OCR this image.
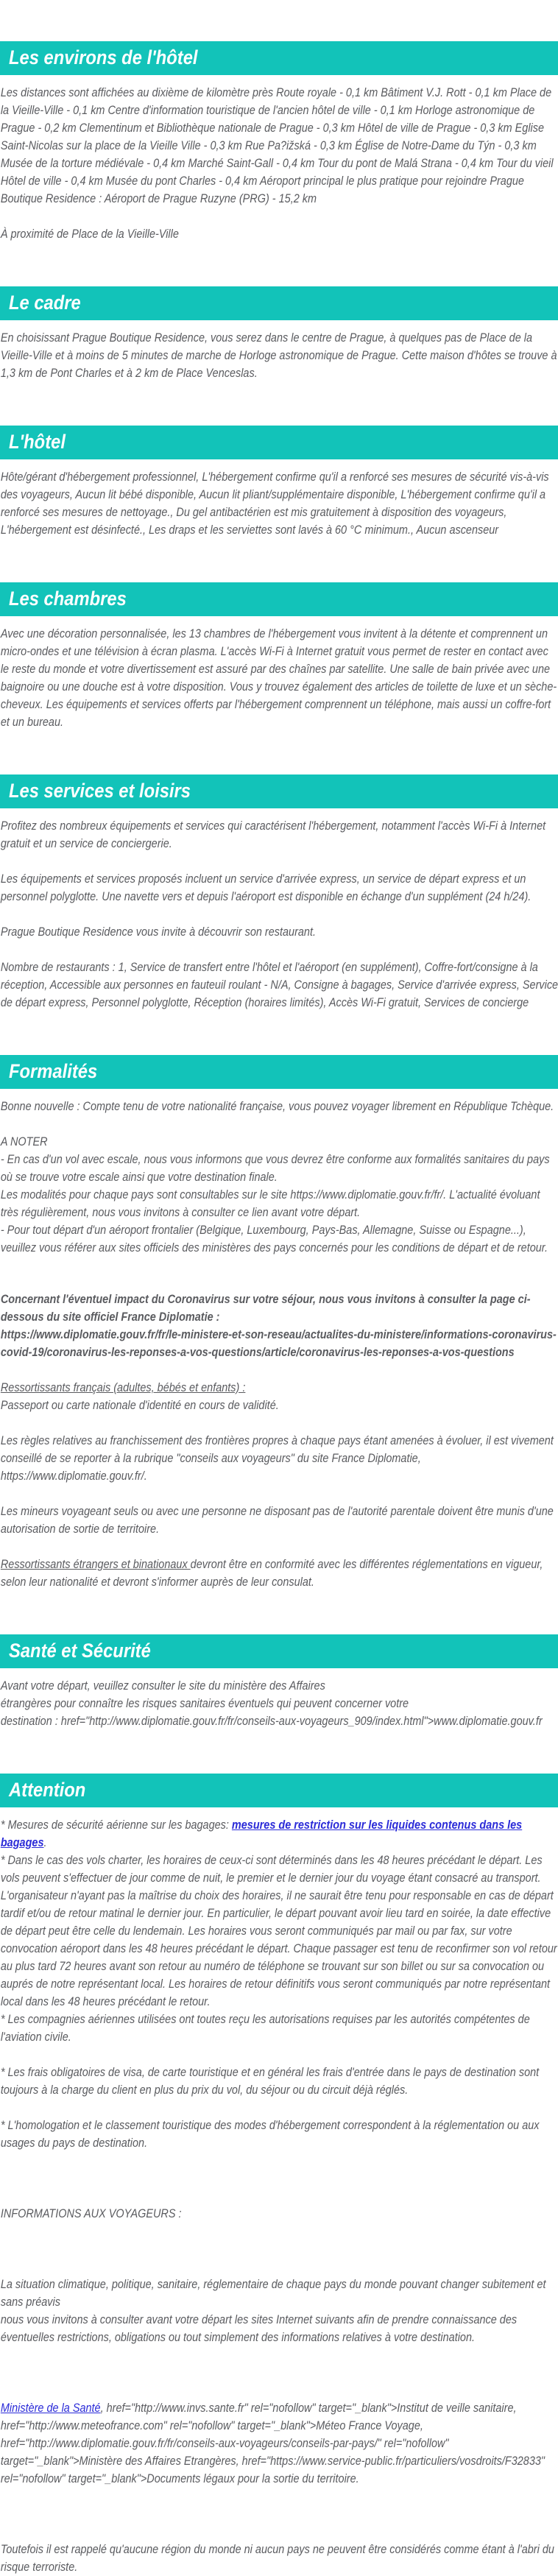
Les environs de l'hôtel

Les distances sont affichées au dixième de kilomètre près Route royale - 0,1 km Bâtiment V.J. Rott - 0,1 km Place de la Vieille-Ville - 0,1 km Centre d'information touristique de l'ancien hôtel de ville - 0,1 km Horloge astronomique de Prague - 0,2 km Clementinum et Bibliothèque nationale de Prague - 0,3 km Hôtel de ville de Prague - 0,3 km Eglise Saint-Nicolas sur la place de la Vieille Ville - 0,3 km Rue Pa?ižská - 0,3 km Église de Notre-Dame du Týn - 0,3 km Musée de la torture médiévale - 0,4 km Marché Saint-Gall - 0,4 km Tour du pont de Malá Strana - 0,4 km Tour du vieil Hôtel de ville - 0,4 km Musée du pont Charles - 0,4 km Aéroport principal le plus pratique pour rejoindre Prague Boutique Residence : Aéroport de Prague Ruzyne (PRG) - 15,2 km

À proximité de Place de la Vieille-Ville

Le cadre

En choisissant Prague Boutique Residence, vous serez dans le centre de Prague, à quelques pas de Place de la Vieille-Ville et à moins de 5 minutes de marche de Horloge astronomique de Prague. Cette maison d'hôtes se trouve à 1,3 km de Pont Charles et à 2 km de Place Venceslas.

L'hôtel

Hôte/gérant d'hébergement professionnel, L'hébergement confirme qu'il a renforcé ses mesures de sécurité vis-à-vis des voyageurs, Aucun lit bébé disponible, Aucun lit pliant/supplémentaire disponible, L'hébergement confirme qu'il a renforcé ses mesures de nettoyage., Du gel antibactérien est mis gratuitement à disposition des voyageurs, L'hébergement est désinfecté., Les draps et les serviettes sont lavés à 60 °C minimum., Aucun ascenseur

Les chambres

Avec une décoration personnalisée, les 13 chambres de l'hébergement vous invitent à la détente et comprennent un micro-ondes et une télévision à écran plasma. L'accès Wi-Fi à Internet gratuit vous permet de rester en contact avec le reste du monde et votre divertissement est assuré par des chaînes par satellite. Une salle de bain privée avec une baignoire ou une douche est à votre disposition. Vous y trouvez également des articles de toilette de luxe et un sèche-cheveux. Les équipements et services offerts par l'hébergement comprennent un téléphone, mais aussi un coffre-fort et un bureau.

Les services et loisirs

Profitez des nombreux équipements et services qui caractérisent l'hébergement, notamment l'accès Wi-Fi à Internet gratuit et un service de conciergerie.

Les équipements et services proposés incluent un service d'arrivée express, un service de départ express et un personnel polyglotte. Une navette vers et depuis l'aéroport est disponible en échange d'un supplément (24 h/24).

Prague Boutique Residence vous invite à découvrir son restaurant.

Nombre de restaurants : 1, Service de transfert entre l'hôtel et l'aéroport (en supplément), Coffre-fort/consigne à la réception, Accessible aux personnes en fauteuil roulant - N/A, Consigne à bagages, Service d'arrivée express, Service de départ express, Personnel polyglotte, Réception (horaires limités), Accès Wi-Fi gratuit, Services de concierge

Formalités

Bonne nouvelle : Compte tenu de votre nationalité française, vous pouvez voyager librement en République Tchèque.

A NOTER

- En cas d'un vol avec escale, nous vous informons que vous devrez être conforme aux formalités sanitaires du pays où se trouve votre escale ainsi que votre destination finale.

Les modalités pour chaque pays sont consultables sur le site https://www.diplomatie.gouv.fr/fr/. L'actualité évoluant très régulièrement, nous vous invitons à consulter ce lien avant votre départ.

- Pour tout départ d'un aéroport frontalier (Belgique, Luxembourg, Pays-Bas, Allemagne, Suisse ou Espagne...), veuillez vous référer aux sites officiels des ministères des pays concernés pour les conditions de départ et de retour.

Concernant l'éventuel impact du Coronavirus sur votre séjour, nous vous invitons à consulter la page ci-dessous du site officiel France Diplomatie :

https://www.diplomatie.gouv.fr/fr/le-ministere-et-son-reseau/actualites-du-ministere/informations-coronavirus-covid-19/coronavirus-les-reponses-a-vos-questions/article/coronavirus-les-reponses-a-vos-questions

Ressortissants français (adultes, bébés et enfants) :

Passeport ou carte nationale d'identité en cours de validité.

Les règles relatives au franchissement des frontières propres à chaque pays étant amenées à évoluer, il est vivement conseillé de se reporter à la rubrique "conseils aux voyageurs" du site France Diplomatie, https://www.diplomatie.gouv.fr/.

Les mineurs voyageant seuls ou avec une personne ne disposant pas de l'autorité parentale doivent être munis d'une autorisation de sortie de territoire.

Ressortissants étrangers et binationaux devront être en conformité avec les différentes réglementations en vigueur, selon leur nationalité et devront s'informer auprès de leur consulat.

Santé et Sécurité

Avant votre départ, veuillez consulter le site du ministère des Affaires

étrangères pour connaître les risques sanitaires éventuels qui peuvent concerner votre

destination : href="http://www.diplomatie.gouv.fr/fr/conseils-aux-voyageurs_909/index.html">www.diplomatie.gouv.fr

Attention

* Mesures de sécurité aérienne sur les bagages: mesures de restriction sur les liquides contenus dans les bagages.

* Dans le cas des vols charter, les horaires de ceux-ci sont déterminés dans les 48 heures précédant le départ. Les vols peuvent s'effectuer de jour comme de nuit, le premier et le dernier jour du voyage étant consacré au transport. L'organisateur n'ayant pas la maîtrise du choix des horaires, il ne saurait être tenu pour responsable en cas de départ tardif et/ou de retour matinal le dernier jour. En particulier, le départ pouvant avoir lieu tard en soirée, la date effective de départ peut être celle du lendemain. Les horaires vous seront communiqués par mail ou par fax, sur votre convocation aéroport dans les 48 heures précédant le départ. Chaque passager est tenu de reconfirmer son vol retour au plus tard 72 heures avant son retour au numéro de téléphone se trouvant sur son billet ou sur sa convocation ou auprés de notre représentant local. Les horaires de retour définitifs vous seront communiqués par notre représentant local dans les 48 heures précédant le retour.

* Les compagnies aériennes utilisées ont toutes reçu les autorisations requises par les autorités compétentes de l'aviation civile.

* Les frais obligatoires de visa, de carte touristique et en général les frais d'entrée dans le pays de destination sont toujours à la charge du client en plus du prix du vol, du séjour ou du circuit déjà réglés.

* L'homologation et le classement touristique des modes d'hébergement correspondent à la réglementation ou aux usages du pays de destination.

INFORMATIONS AUX VOYAGEURS :

La situation climatique, politique, sanitaire, réglementaire de chaque pays du monde pouvant changer subitement et sans préavis

nous vous invitons à consulter avant votre départ les sites Internet suivants afin de prendre connaissance des éventuelles restrictions, obligations ou tout simplement des informations relatives à votre destination.

Ministère de la Santé, href="http://www.invs.sante.fr" rel="nofollow" target="_blank">Institut de veille sanitaire, href="http://www.meteofrance.com" rel="nofollow" target="_blank">Méteo France Voyage, href="http://www.diplomatie.gouv.fr/fr/conseils-aux-voyageurs/conseils-par-pays/" rel="nofollow" target="_blank">Ministère des Affaires Etrangères, href="https://www.service-public.fr/particuliers/vosdroits/F32833" rel="nofollow" target="_blank">Documents légaux pour la sortie du territoire.

Toutefois il est rappelé qu'aucune région du monde ni aucun pays ne peuvent être considérés comme étant à l'abri du risque terroriste.
